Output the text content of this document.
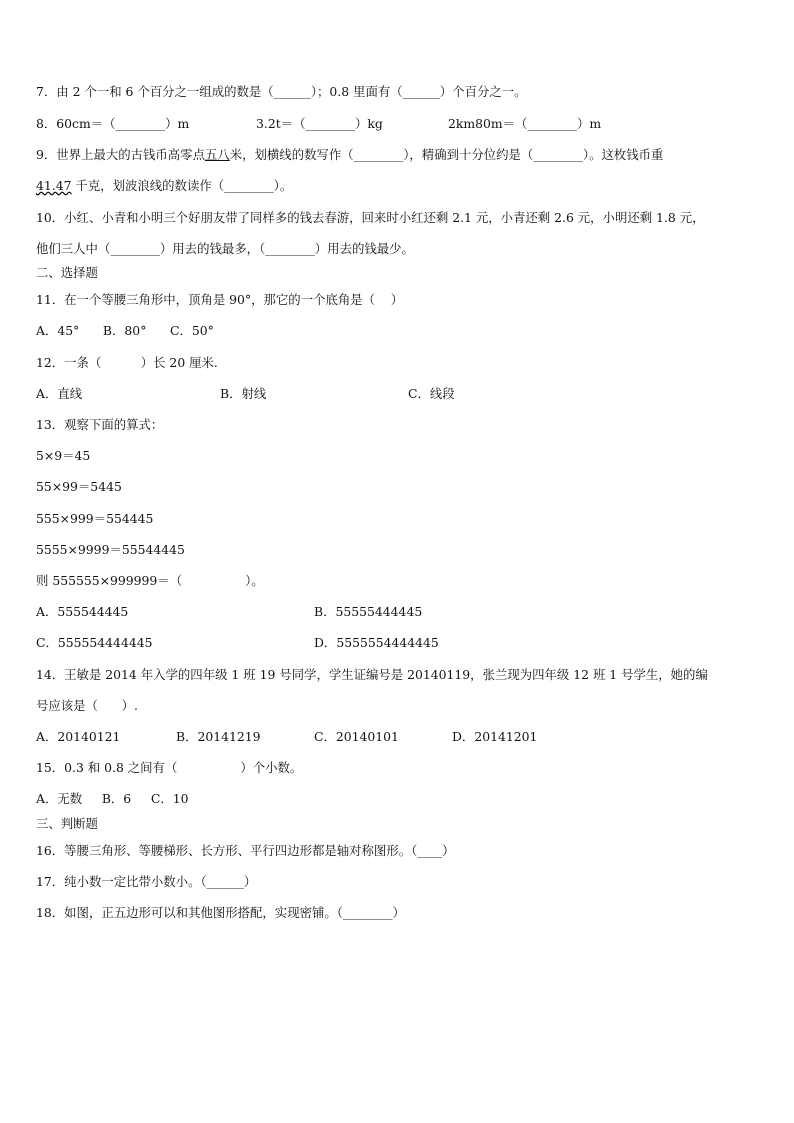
7．由 2 个一和 6 个百分之一组成的数是（______）；0.8 里面有（______）个百分之一。
8．60cm＝（________）m	3.2t＝（________）kg	2km80m＝（________）m
9．世界上最大的古钱币高零点五八米，划横线的数写作（________），精确到十分位约是（________）。这枚钱币重
41.47 千克，划波浪线的数读作（________）。
10．小红、小青和小明三个好朋友带了同样多的钱去春游，回来时小红还剩 2.1 元，小青还剩 2.6 元，小明还剩 1.8 元，
他们三人中（________）用去的钱最多，（________）用去的钱最少。
二、选择题
11．在一个等腰三角形中，顶角是 90°，那它的一个底角是（    ）
A．45°      B．80°      C．50°
12．一条（          ）长 20 厘米.
A．直线	B．射线	C．线段
13．观察下面的算式：
5×9＝45
55×99＝5445
555×999＝554445
5555×9999＝55544445
则 555555×999999＝（                ）。
A．555544445	B．55555444445
C．555554444445	D．5555554444445
14．王敏是 2014 年入学的四年级 1 班 19 号同学，学生证编号是 20140119，张兰现为四年级 12 班 1 号学生，她的编
号应该是（      ）.
A．20140121	B．20141219	C．20140101	D．20141201
15．0.3 和 0.8 之间有（                ）个小数。
A．无数     B．6     C．10
三、判断题
16．等腰三角形、等腰梯形、长方形、平行四边形都是轴对称图形。（____）
17．纯小数一定比带小数小。（______）
18．如图，正五边形可以和其他图形搭配，实现密铺。（________）
